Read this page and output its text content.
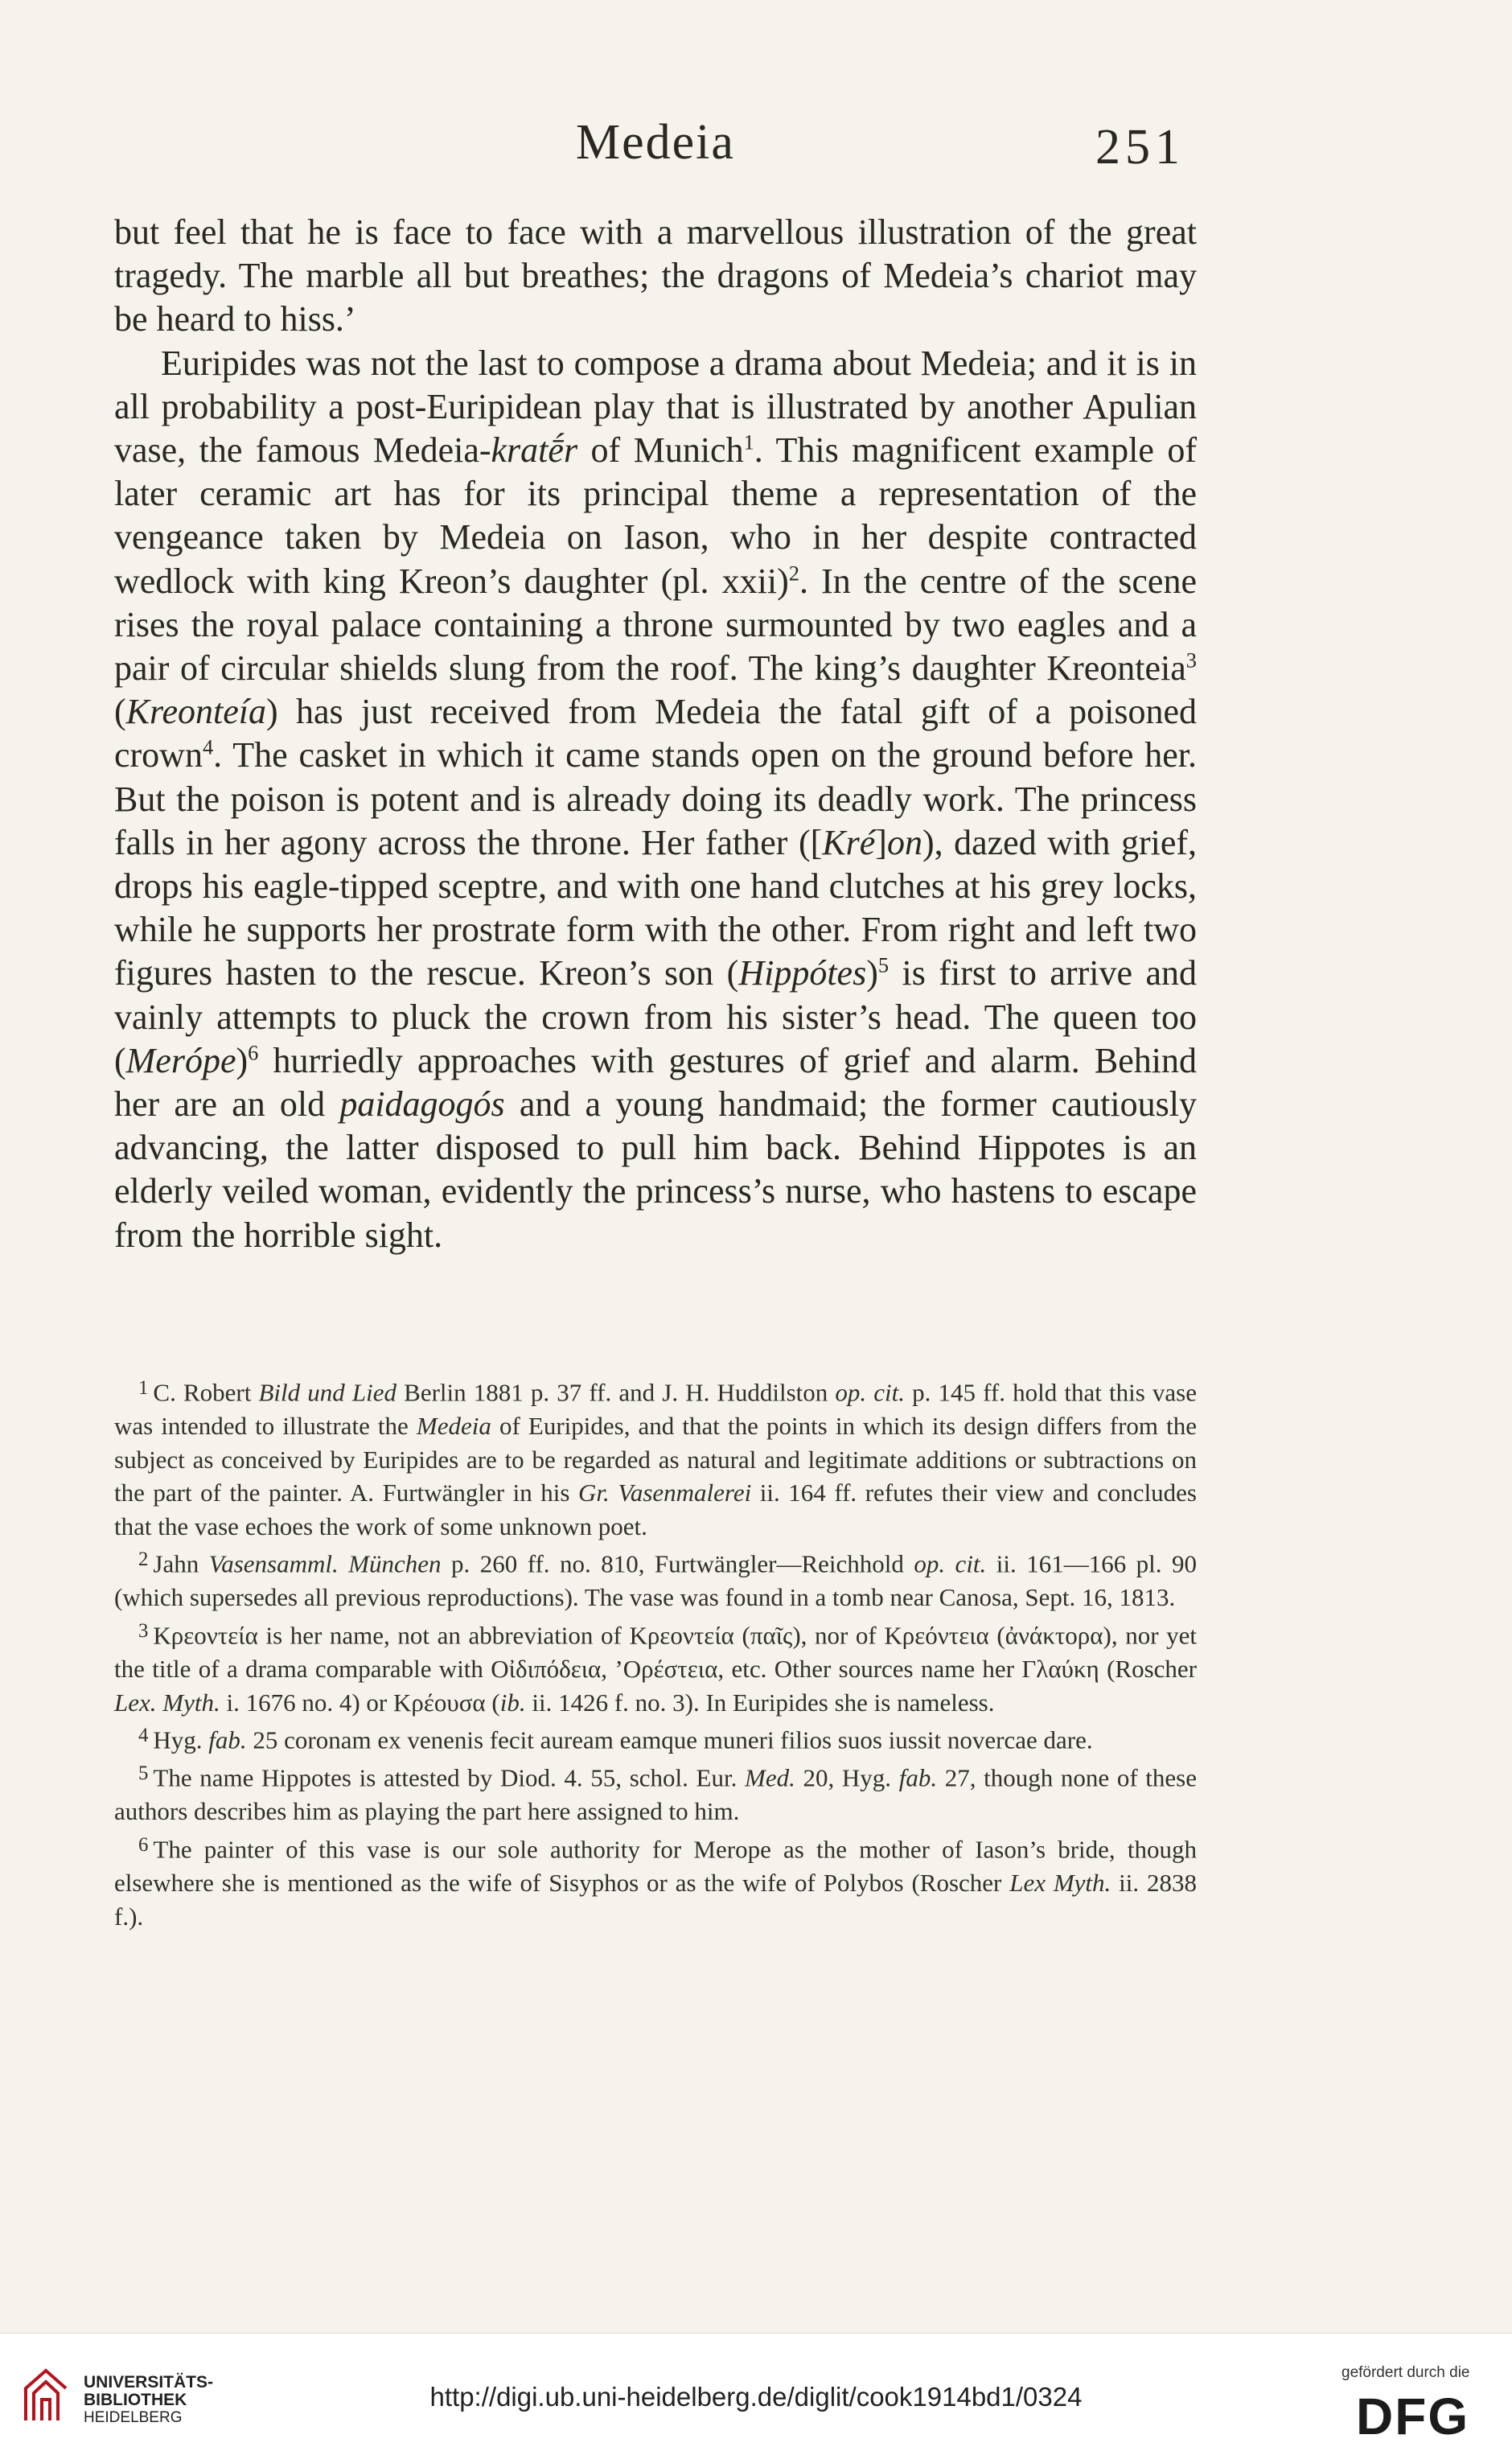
Medeia	251

but feel that he is face to face with a marvellous illustration of the great tragedy. The marble all but breathes; the dragons of Medeia’s chariot may be heard to hiss.’

Euripides was not the last to compose a drama about Medeia; and it is in all probability a post-Euripidean play that is illustrated by another Apulian vase, the famous Medeia-kratḗr of Munich$^1$. This magnificent example of later ceramic art has for its principal theme a representation of the vengeance taken by Medeia on Iason, who in her despite contracted wedlock with king Kreon’s daughter (pl. xxii)$^2$. In the centre of the scene rises the royal palace containing a throne surmounted by two eagles and a pair of circular shields slung from the roof. The king’s daughter Kreonteia$^3$ (Kreonteía) has just received from Medeia the fatal gift of a poisoned crown$^4$. The casket in which it came stands open on the ground before her. But the poison is potent and is already doing its deadly work. The princess falls in her agony across the throne. Her father ([Kré]on), dazed with grief, drops his eagle-tipped sceptre, and with one hand clutches at his grey locks, while he supports her prostrate form with the other. From right and left two figures hasten to the rescue. Kreon’s son (Hippótes)$^5$ is first to arrive and vainly attempts to pluck the crown from his sister’s head. The queen too (Merópe)$^6$ hurriedly approaches with gestures of grief and alarm. Behind her are an old paidagogós and a young handmaid; the former cautiously advancing, the latter disposed to pull him back. Behind Hippotes is an elderly veiled woman, evidently the princess’s nurse, who hastens to escape from the horrible sight.

$^1$ C. Robert Bild und Lied Berlin 1881 p. 37 ff. and J. H. Huddilston op. cit. p. 145 ff. hold that this vase was intended to illustrate the Medeia of Euripides, and that the points in which its design differs from the subject as conceived by Euripides are to be regarded as natural and legitimate additions or subtractions on the part of the painter. A. Furtwängler in his Gr. Vasenmalerei ii. 164 ff. refutes their view and concludes that the vase echoes the work of some unknown poet.

$^2$ Jahn Vasensamml. München p. 260 ff. no. 810, Furtwängler—Reichhold op. cit. ii. 161—166 pl. 90 (which supersedes all previous reproductions). The vase was found in a tomb near Canosa, Sept. 16, 1813.

$^3$ Κρεοντεία is her name, not an abbreviation of Κρεοντεία (παῖς), nor of Κρεόντεια (ἀνάκτορα), nor yet the title of a drama comparable with Οἰδιπόδεια, ’Ορέστεια, etc. Other sources name her Γλαύκη (Roscher Lex. Myth. i. 1676 no. 4) or Κρέουσα (ib. ii. 1426 f. no. 3). In Euripides she is nameless.

$^4$ Hyg. fab. 25 coronam ex venenis fecit auream eamque muneri filios suos iussit novercae dare.

$^5$ The name Hippotes is attested by Diod. 4. 55, schol. Eur. Med. 20, Hyg. fab. 27, though none of these authors describes him as playing the part here assigned to him.

$^6$ The painter of this vase is our sole authority for Merope as the mother of Iason’s bride, though elsewhere she is mentioned as the wife of Sisyphos or as the wife of Polybos (Roscher Lex Myth. ii. 2838 f.).

UNIVERSITÄTS-
BIBLIOTHEK
HEIDELBERG
http://digi.ub.uni-heidelberg.de/diglit/cook1914bd1/0324
gefördert durch die
DFG
